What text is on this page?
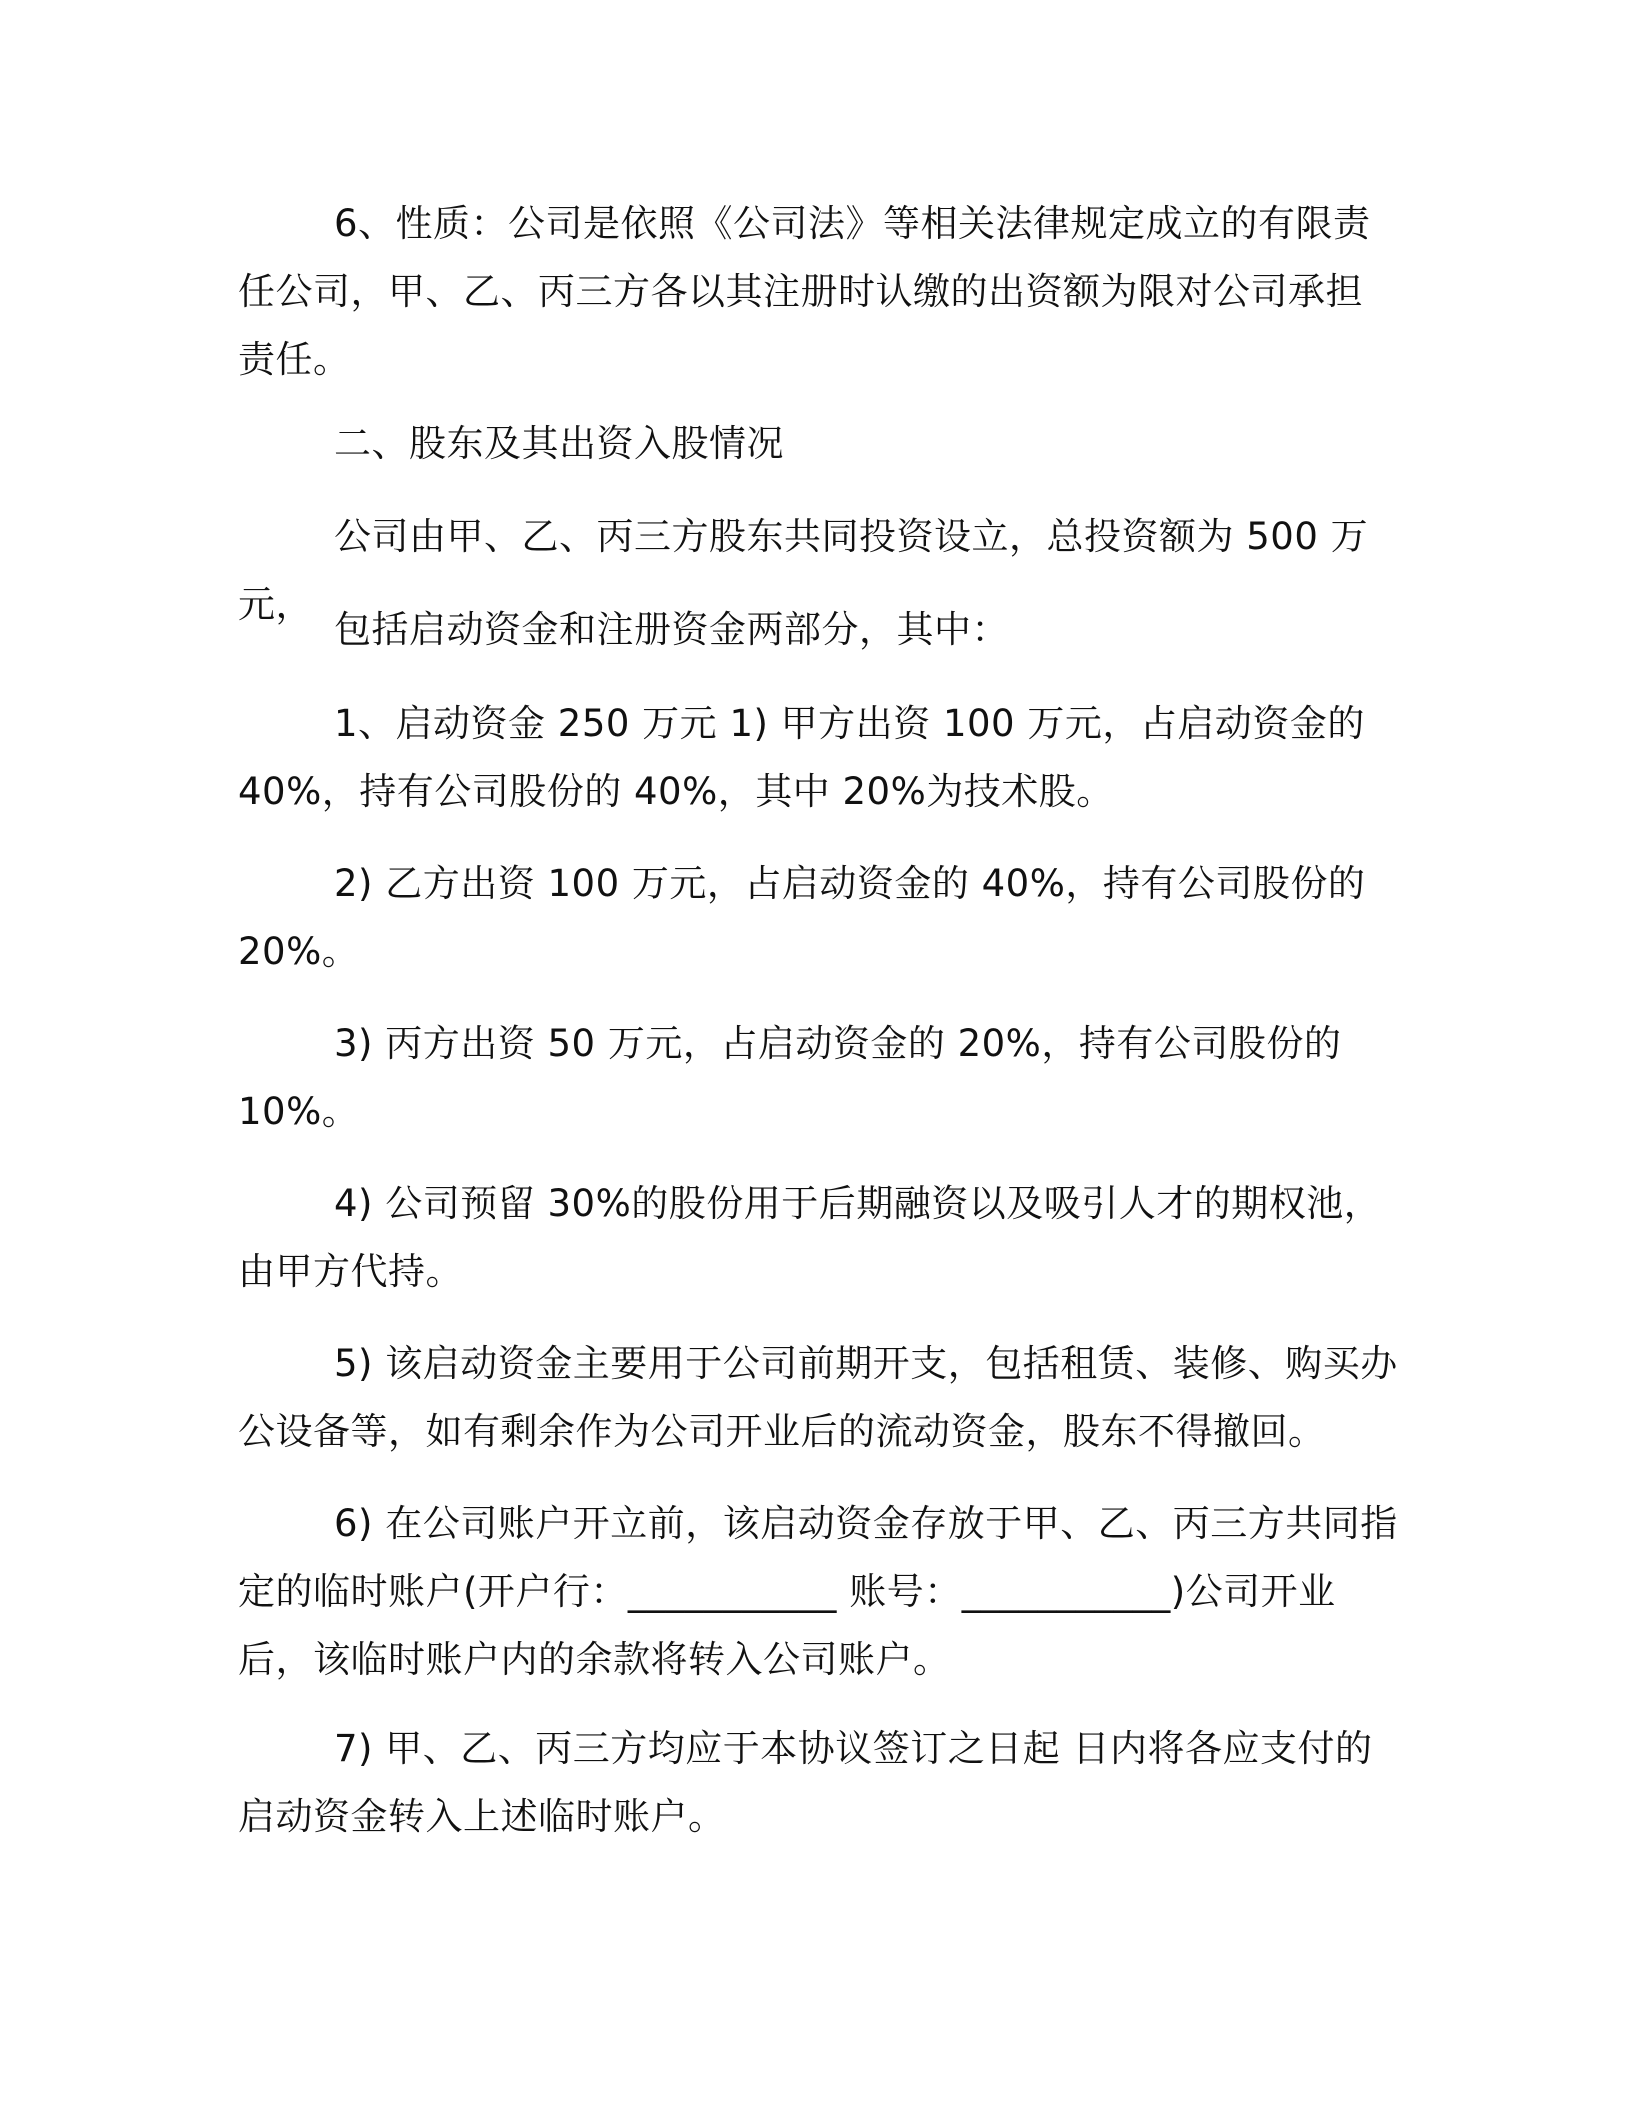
6、性质：公司是依照《公司法》等相关法律规定成立的有限责任公司，甲、乙、丙三方各以其注册时认缴的出资额为限对公司承担责任。

二、股东及其出资入股情况

公司由甲、乙、丙三方股东共同投资设立，总投资额为 500 万元，

包括启动资金和注册资金两部分，其中：

1、启动资金 250 万元 1) 甲方出资 100 万元，占启动资金的 40%，持有公司股份的 40%，其中 20%为技术股。

2) 乙方出资 100 万元，占启动资金的 40%，持有公司股份的 20%。

3) 丙方出资 50 万元，占启动资金的 20%，持有公司股份的 10%。

4) 公司预留 30%的股份用于后期融资以及吸引人才的期权池，由甲方代持。

5) 该启动资金主要用于公司前期开支，包括租赁、装修、购买办公设备等，如有剩余作为公司开业后的流动资金，股东不得撤回。

6) 在公司账户开立前，该启动资金存放于甲、乙、丙三方共同指定的临时账户(开户行：___________ 账号：___________)公司开业后，该临时账户内的余款将转入公司账户。

7) 甲、乙、丙三方均应于本协议签订之日起 日内将各应支付的启动资金转入上述临时账户。
